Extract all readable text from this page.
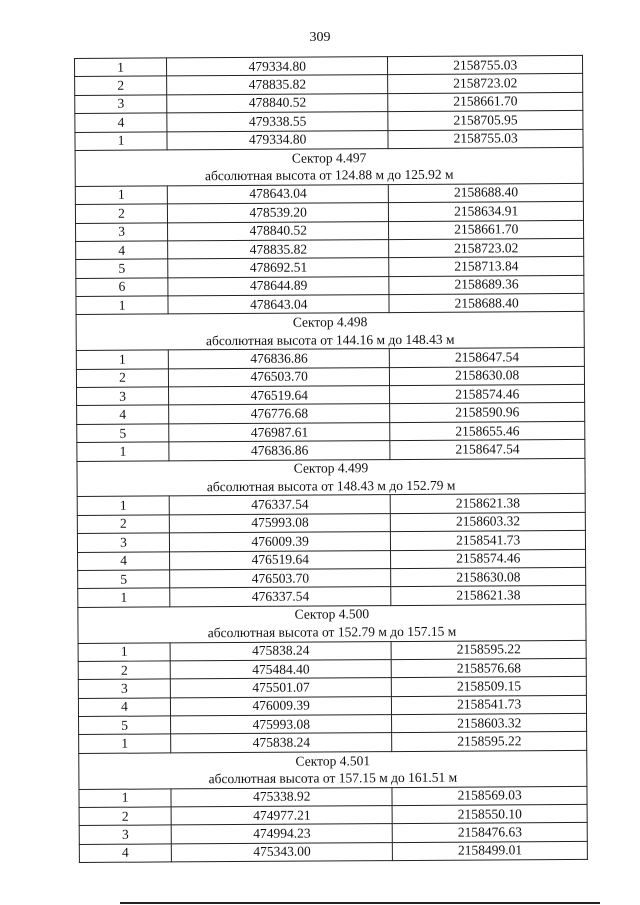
309
1	479334.80	2158755.03
2	478835.82	2158723.02
3	478840.52	2158661.70
4	479338.55	2158705.95
1	479334.80	2158755.03
Сектор 4.497		
абсолютная высота от 124.88 м до 125.92 м		
1	478643.04	2158688.40
2	478539.20	2158634.91
3	478840.52	2158661.70
4	478835.82	2158723.02
5	478692.51	2158713.84
6	478644.89	2158689.36
1	478643.04	2158688.40
Сектор 4.498		
абсолютная высота от 144.16 м до 148.43 м		
1	476836.86	2158647.54
2	476503.70	2158630.08
3	476519.64	2158574.46
4	476776.68	2158590.96
5	476987.61	2158655.46
1	476836.86	2158647.54
Сектор 4.499		
абсолютная высота от 148.43 м до 152.79 м		
1	476337.54	2158621.38
2	475993.08	2158603.32
3	476009.39	2158541.73
4	476519.64	2158574.46
5	476503.70	2158630.08
1	476337.54	2158621.38
Сектор 4.500		
абсолютная высота от 152.79 м до 157.15 м		
1	475838.24	2158595.22
2	475484.40	2158576.68
3	475501.07	2158509.15
4	476009.39	2158541.73
5	475993.08	2158603.32
1	475838.24	2158595.22
Сектор 4.501		
абсолютная высота от 157.15 м до 161.51 м		
1	475338.92	2158569.03
2	474977.21	2158550.10
3	474994.23	2158476.63
4	475343.00	2158499.01
